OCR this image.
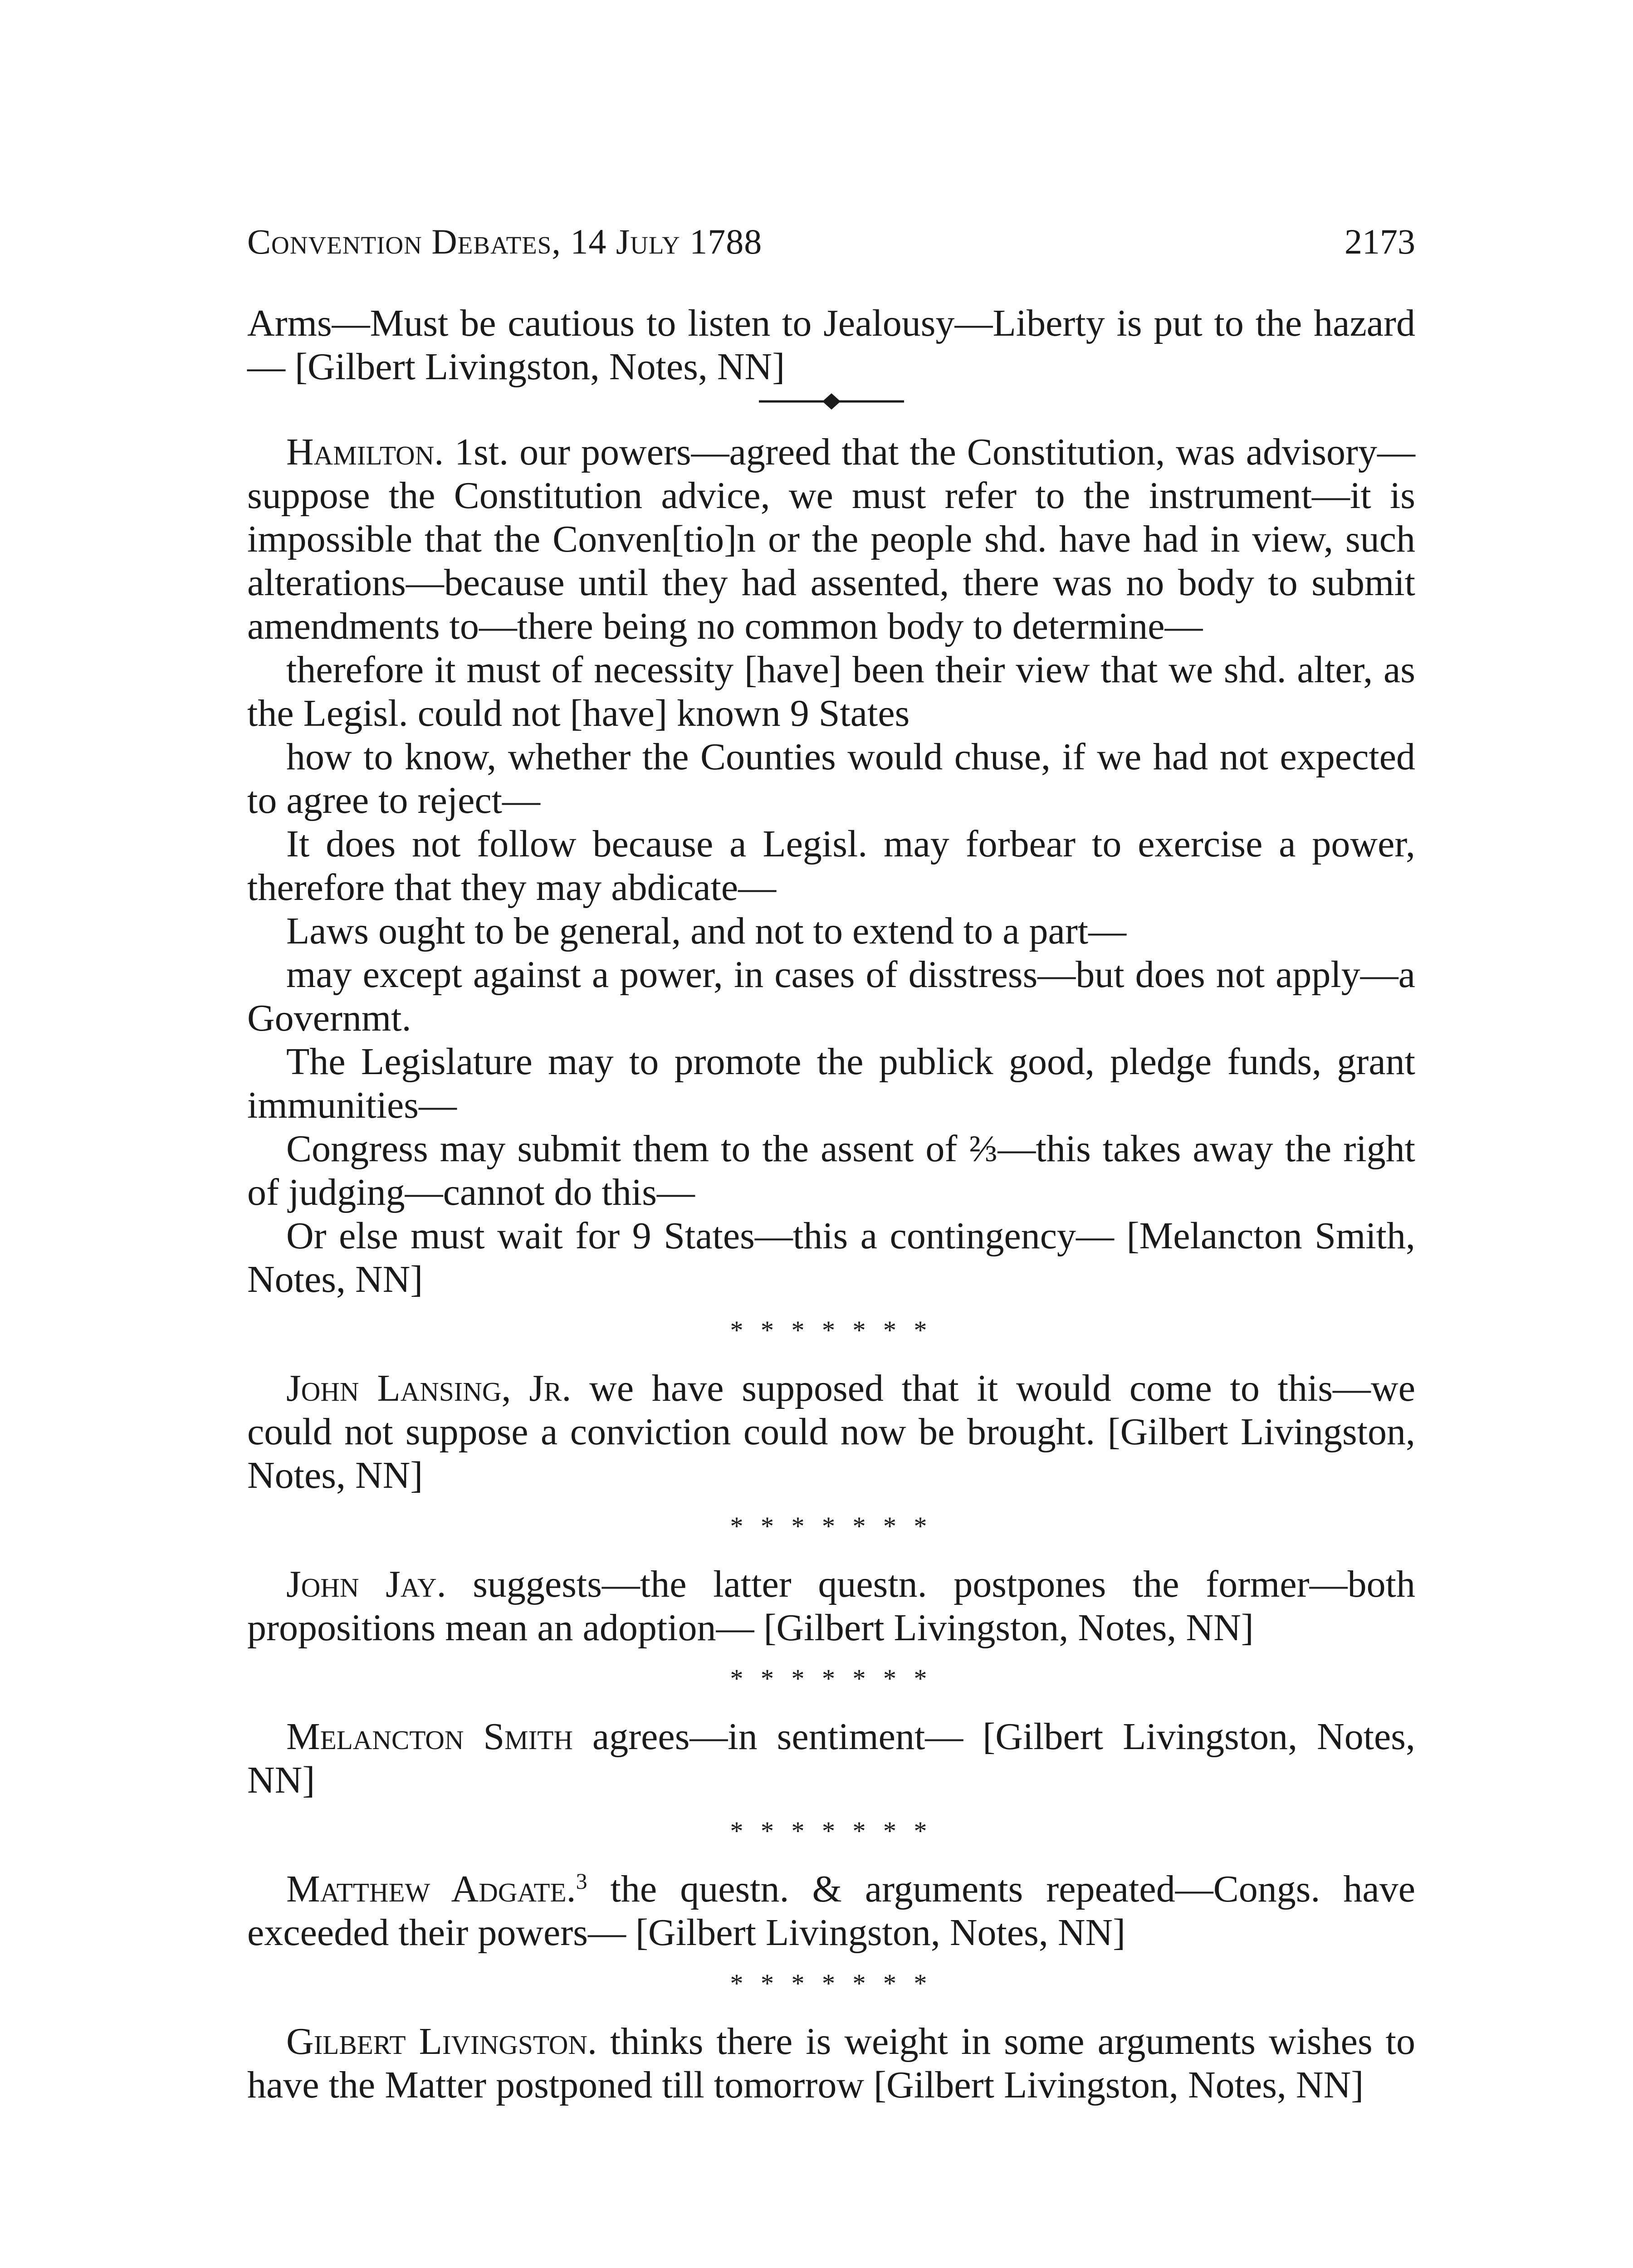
Convention Debates, 14 July 1788	2173

Arms—Must be cautious to listen to Jealousy—Liberty is put to the hazard— [Gilbert Livingston, Notes, NN]

Hamilton. 1st. our powers—agreed that the Constitution, was advisory—suppose the Constitution advice, we must refer to the instrument—it is impossible that the Conven[tio]n or the people shd. have had in view, such alterations—because until they had assented, there was no body to submit amendments to—there being no common body to determine—

therefore it must of necessity [have] been their view that we shd. alter, as the Legisl. could not [have] known 9 States

how to know, whether the Counties would chuse, if we had not expected to agree to reject—

It does not follow because a Legisl. may forbear to exercise a power, therefore that they may abdicate—

Laws ought to be general, and not to extend to a part—

may except against a power, in cases of disstress—but does not apply—a Governmt.

The Legislature may to promote the publick good, pledge funds, grant immunities—

Congress may submit them to the assent of ⅔—this takes away the right of judging—cannot do this—

Or else must wait for 9 States—this a contingency— [Melancton Smith, Notes, NN]

* * * * * * *

John Lansing, Jr. we have supposed that it would come to this—we could not suppose a conviction could now be brought. [Gilbert Livingston, Notes, NN]

* * * * * * *

John Jay. suggests—the latter questn. postpones the former—both propositions mean an adoption— [Gilbert Livingston, Notes, NN]

* * * * * * *

Melancton Smith agrees—in sentiment— [Gilbert Livingston, Notes, NN]

* * * * * * *

Matthew Adgate.$^3$ the questn. & arguments repeated—Congs. have exceeded their powers— [Gilbert Livingston, Notes, NN]

* * * * * * *

Gilbert Livingston. thinks there is weight in some arguments wishes to have the Matter postponed till tomorrow [Gilbert Livingston, Notes, NN]
